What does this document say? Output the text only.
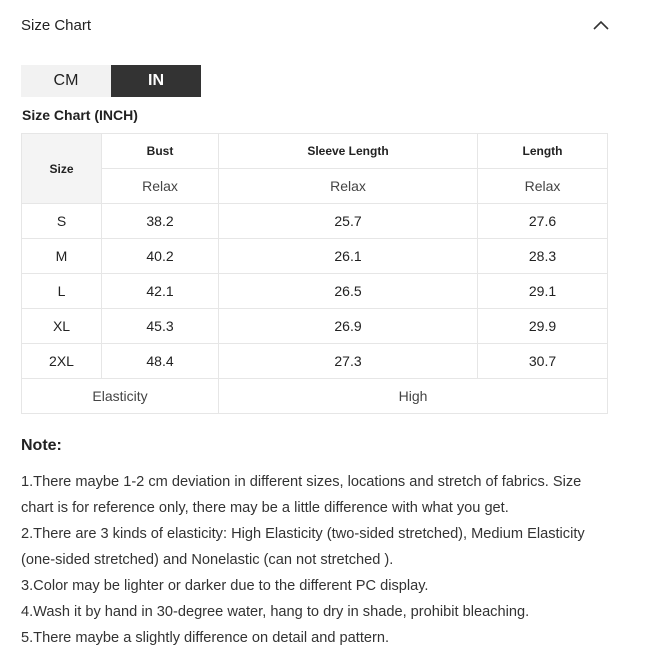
Size Chart
CM	IN
Size Chart (INCH)
Size	Bust	Sleeve Length	Length
	Relax	Relax	Relax
S	38.2	25.7	27.6
M	40.2	26.1	28.3
L	42.1	26.5	29.1
XL	45.3	26.9	29.9
2XL	48.4	27.3	30.7
Elasticity		High	
Note:

1.There maybe 1-2 cm deviation in different sizes, locations and stretch of fabrics. Size chart is for reference only, there may be a little difference with what you get.

2.There are 3 kinds of elasticity: High Elasticity (two-sided stretched), Medium Elasticity (one-sided stretched) and Nonelastic (can not stretched ).

3.Color may be lighter or darker due to the different PC display.

4.Wash it by hand in 30-degree water, hang to dry in shade, prohibit bleaching.

5.There maybe a slightly difference on detail and pattern.
